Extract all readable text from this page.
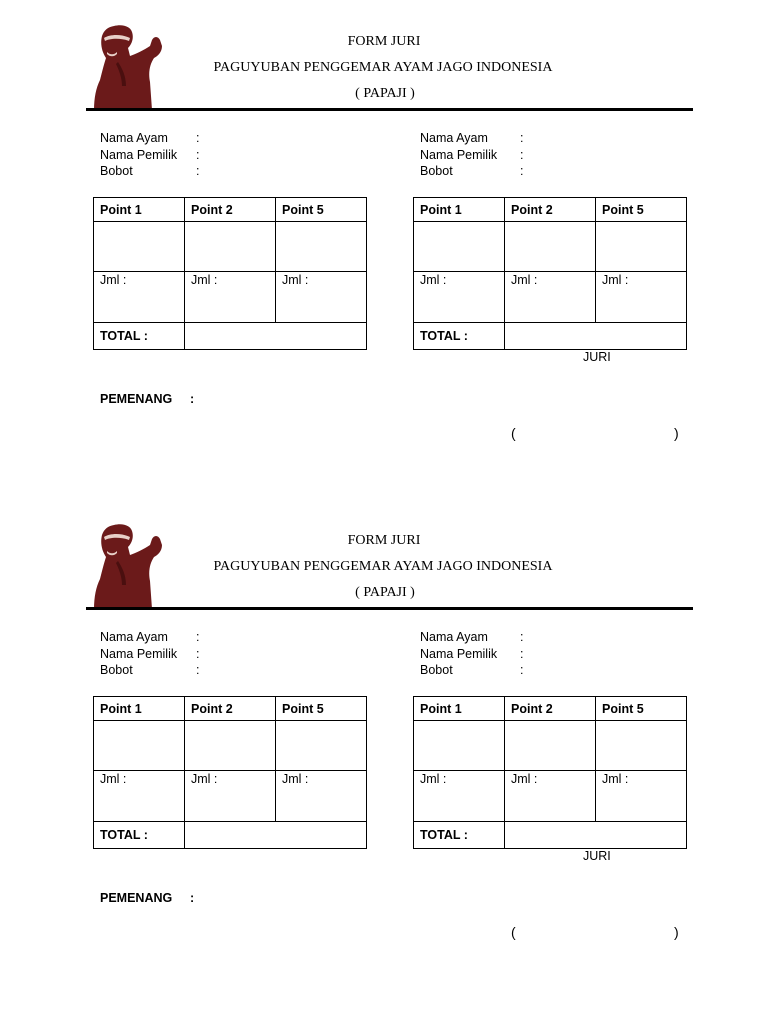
FORM JURI
PAGUYUBAN PENGGEMAR AYAM JAGO INDONESIA
( PAPAJI )
Nama Ayam :
Nama Pemilik :
Bobot	:
Nama Ayam	:
Nama Pemilik :
Bobot	:
Point 1	Point 2	Point 5

Jml :	Jml :	Jml :
TOTAL :		
Point 1	Point 2	Point 5

Jml :	Jml :	Jml :
TOTAL :		
JURI
PEMENANG :
(	)
FORM JURI
PAGUYUBAN PENGGEMAR AYAM JAGO INDONESIA
( PAPAJI )
Nama Ayam :
Nama Pemilik :
Bobot	:
Nama Ayam	:
Nama Pemilik :
Bobot	:
Point 1	Point 2	Point 5

Jml :	Jml :	Jml :
TOTAL :		
Point 1	Point 2	Point 5

Jml :	Jml :	Jml :
TOTAL :		
JURI
PEMENANG :
(	)
